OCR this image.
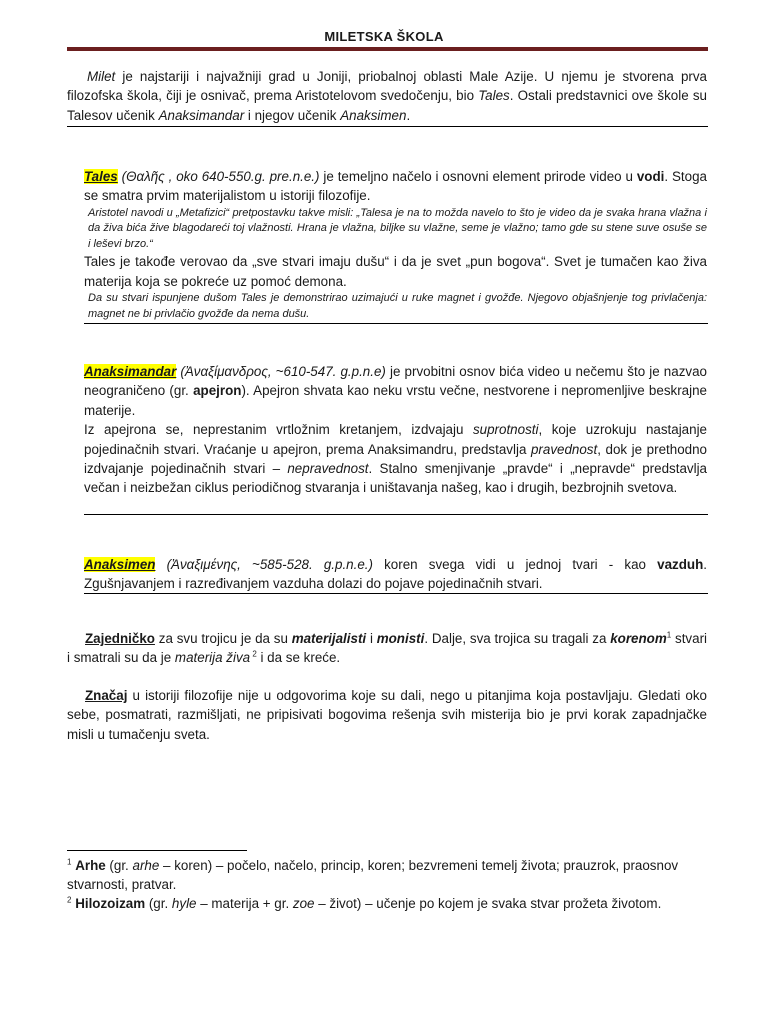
MILETSKA ŠKOLA

Milet je najstariji i najvažniji grad u Joniji, priobalnoj oblasti Male Azije. U njemu je stvorena prva filozofska škola, čiji je osnivač, prema Aristotelovom svedočenju, bio Tales. Ostali predstavnici ove škole su Talesov učenik Anaksimandar i njegov učenik Anaksimen.

Tales (Θαλῆς , oko 640-550.g. pre.n.e.) je temeljno načelo i osnovni element prirode video u vodi. Stoga se smatra prvim materijalistom u istoriji filozofije.

Aristotel navodi u „Metafizici“ pretpostavku takve misli: „Talesa je na to možda navelo to što je video da je svaka hrana vlažna i da živa bića žive blagodareći toj vlažnosti. Hrana je vlažna, biljke su vlažne, seme je vlažno; tamo gde su stene suve osuše se i leševi brzo.“

Tales je takođe verovao da „sve stvari imaju dušu“ i da je svet „pun bogova“. Svet je tumačen kao živa materija koja se pokreće uz pomoć demona.

Da su stvari ispunjene dušom Tales je demonstrirao uzimajući u ruke magnet i gvožđe. Njegovo objašnjenje tog privlačenja: magnet ne bi privlačio gvožđe da nema dušu.

Anaksimandar (Ἀναξίμανδρος, ~610-547. g.p.n.e) je prvobitni osnov bića video u nečemu što je nazvao neograničeno (gr. apejron). Apejron shvata kao neku vrstu večne, nestvorene i nepromenljive beskrajne materije.

Iz apejrona se, neprestanim vrtložnim kretanjem, izdvajaju suprotnosti, koje uzrokuju nastajanje pojedinačnih stvari. Vraćanje u apejron, prema Anaksimandru, predstavlja pravednost, dok je prethodno izdvajanje pojedinačnih stvari – nepravednost. Stalno smenjivanje „pravde“ i „nepravde“ predstavlja večan i neizbežan ciklus periodičnog stvaranja i uništavanja našeg, kao i drugih, bezbrojnih svetova.

Anaksimen (Ἀναξιμένης, ~585-528. g.p.n.e.) koren svega vidi u jednoj tvari - kao vazduh. Zgušnjavanjem i razređivanjem vazduha dolazi do pojave pojedinačnih stvari.

Zajedničko za svu trojicu je da su materijalisti i monisti. Dalje, sva trojica su tragali za korenom$^1$ stvari i smatrali su da je materija živa $^2$ i da se kreće.

Značaj u istoriji filozofije nije u odgovorima koje su dali, nego u pitanjima koja postavljaju. Gledati oko sebe, posmatrati, razmišljati, ne pripisivati bogovima rešenja svih misterija bio je prvi korak zapadnjačke misli u tumačenju sveta.

$^1$ Arhe (gr. arhe – koren) – počelo, načelo, princip, koren; bezvremeni temelj života; prauzrok, praosnov stvarnosti, pratvar.

$^2$ Hilozoizam (gr. hyle – materija + gr. zoe – život) – učenje po kojem je svaka stvar prožeta životom.
